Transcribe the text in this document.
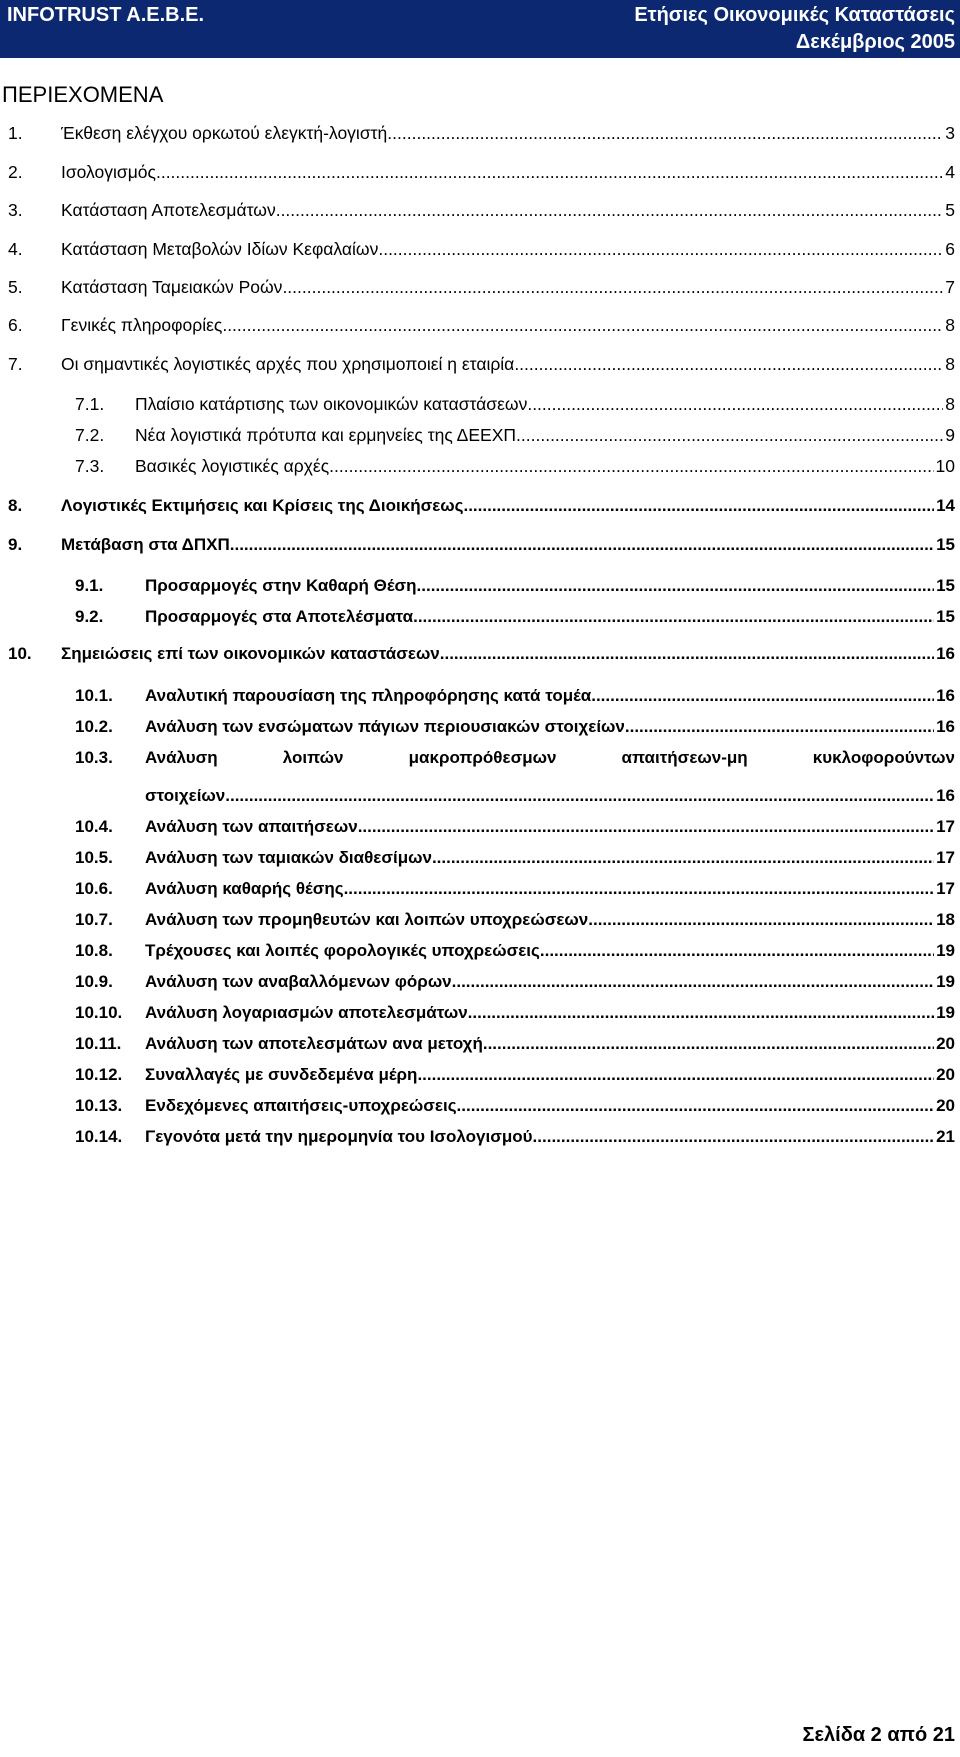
INFOTRUST A.E.B.E.	Ετήσιες Οικονομικές Καταστάσεις
Δεκέμβριος 2005
ΠΕΡΙΕΧΟΜΕΝΑ
1.	Έκθεση ελέγχου ορκωτού ελεγκτή-λογιστή .....	3
2.	Ισολογισμός .....	4
3.	Κατάσταση Αποτελεσμάτων .....	5
4.	Κατάσταση Μεταβολών Ιδίων Κεφαλαίων .....	6
5.	Κατάσταση Ταμειακών Ροών .....	7
6.	Γενικές πληροφορίες .....	8
7.	Οι σημαντικές λογιστικές αρχές που χρησιμοποιεί η εταιρία .....	8
7.1.	Πλαίσιο κατάρτισης των οικονομικών καταστάσεων .....	8
7.2.	Νέα λογιστικά πρότυπα και ερμηνείες της ΔΕΕΧΠ .....	9
7.3.	Βασικές λογιστικές αρχές .....	10
8.	Λογιστικές Εκτιμήσεις και Κρίσεις της Διοικήσεως .....	14
9.	Μετάβαση στα ΔΠΧΠ .....	15
9.1.	Προσαρμογές στην Καθαρή Θέση .....	15
9.2.	Προσαρμογές στα Αποτελέσματα .....	15
10.	Σημειώσεις επί των οικονομικών καταστάσεων .....	16
10.1.	Αναλυτική παρουσίαση της πληροφόρησης κατά τομέα .....	16
10.2.	Ανάλυση των ενσώματων πάγιων περιουσιακών στοιχείων .....	16
10.3.	Ανάλυση λοιπών μακροπρόθεσμων απαιτήσεων-μη κυκλοφορούντων
στοιχείων .....	16
10.4.	Ανάλυση των απαιτήσεων .....	17
10.5.	Ανάλυση των ταμιακών διαθεσίμων .....	17
10.6.	Ανάλυση καθαρής θέσης .....	17
10.7.	Ανάλυση των προμηθευτών και λοιπών υποχρεώσεων .....	18
10.8.	Τρέχουσες και λοιπές φορολογικές υποχρεώσεις .....	19
10.9.	Ανάλυση των αναβαλλόμενων φόρων .....	19
10.10.	Ανάλυση λογαριασμών αποτελεσμάτων .....	19
10.11.	Ανάλυση των αποτελεσμάτων ανα μετοχή .....	20
10.12.	Συναλλαγές με συνδεδεμένα μέρη .....	20
10.13.	Ενδεχόμενες απαιτήσεις-υποχρεώσεις .....	20
10.14.	Γεγονότα μετά την ημερομηνία του Ισολογισμού .....	21
Σελίδα 2 από 21
